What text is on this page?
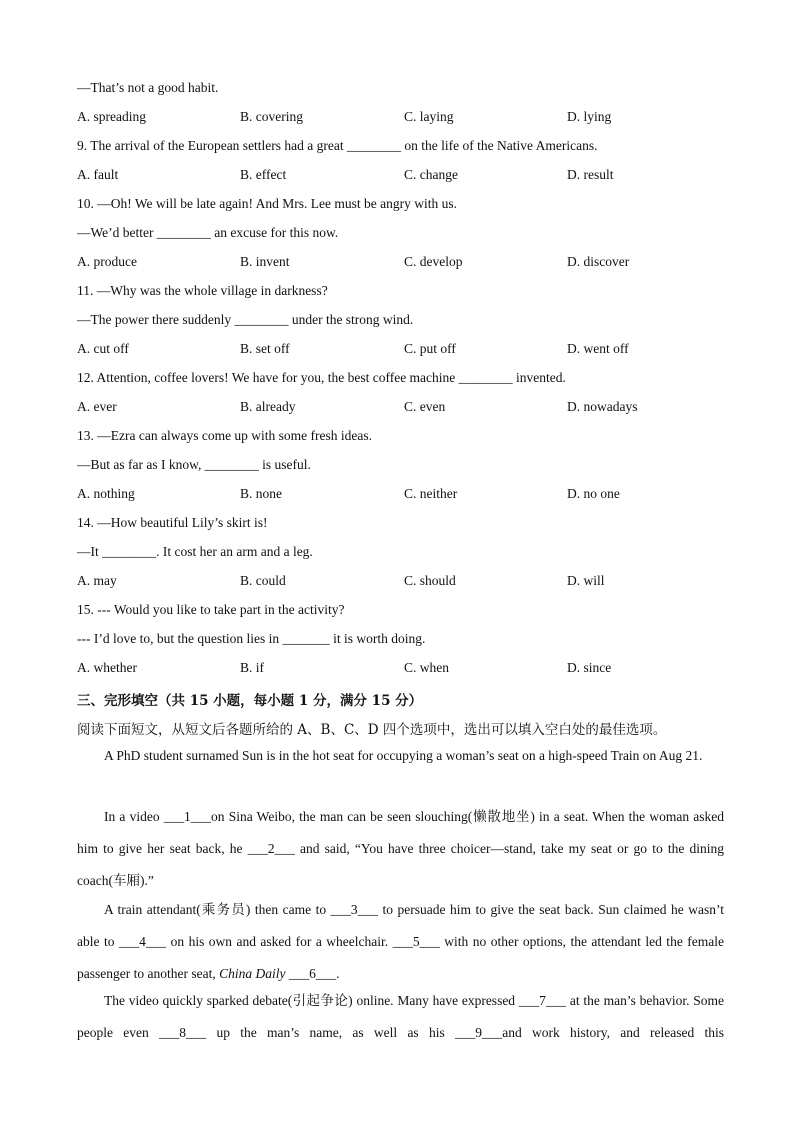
—That’s not a good habit.
A. spreading	B. covering	C. laying	D. lying
9. The arrival of the European settlers had a great ________ on the life of the Native Americans.
A. fault	B. effect	C. change	D. result
10. —Oh! We will be late again! And Mrs. Lee must be angry with us.
—We’d better ________ an excuse for this now.
A. produce	B. invent	C. develop	D. discover
11. —Why was the whole village in darkness?
—The power there suddenly ________ under the strong wind.
A. cut off	B. set off	C. put off	D. went off
12. Attention, coffee lovers! We have for you, the best coffee machine ________ invented.
A. ever	B. already	C. even	D. nowadays
13. —Ezra can always come up with some fresh ideas.
—But as far as I know, ________ is useful.
A. nothing	B. none	C. neither	D. no one
14. —How beautiful Lily’s skirt is!
—It ________. It cost her an arm and a leg.
A. may	B. could	C. should	D. will
15. --- Would you like to take part in the activity?
--- I’d love to, but the question lies in _______ it is worth doing.
A. whether	B. if	C. when	D. since
三、完形填空（共 15 小题，每小题 1 分，满分 15 分）
阅读下面短文，从短文后各题所给的 A、B、C、D 四个选项中，选出可以填入空白处的最佳选项。
A PhD student surnamed Sun is in the hot seat for occupying a woman’s seat on a high-speed Train on Aug 21.
In a video ___1___on Sina Weibo, the man can be seen slouching(懒散地坐) in a seat. When the woman asked him to give her seat back, he ___2___ and said, “You have three choicer—stand, take my seat or go to the dining coach(车厢).”
A train attendant(乘务员) then came to ___3___ to persuade him to give the seat back. Sun claimed he wasn’t able to ___4___ on his own and asked for a wheelchair. ___5___ with no other options, the attendant led the female passenger to another seat, China Daily ___6___.
The video quickly sparked debate(引起争论) online. Many have expressed ___7___ at the man’s behavior. Some people even ___8___ up the man’s name, as well as his ___9___and work history, and released this
